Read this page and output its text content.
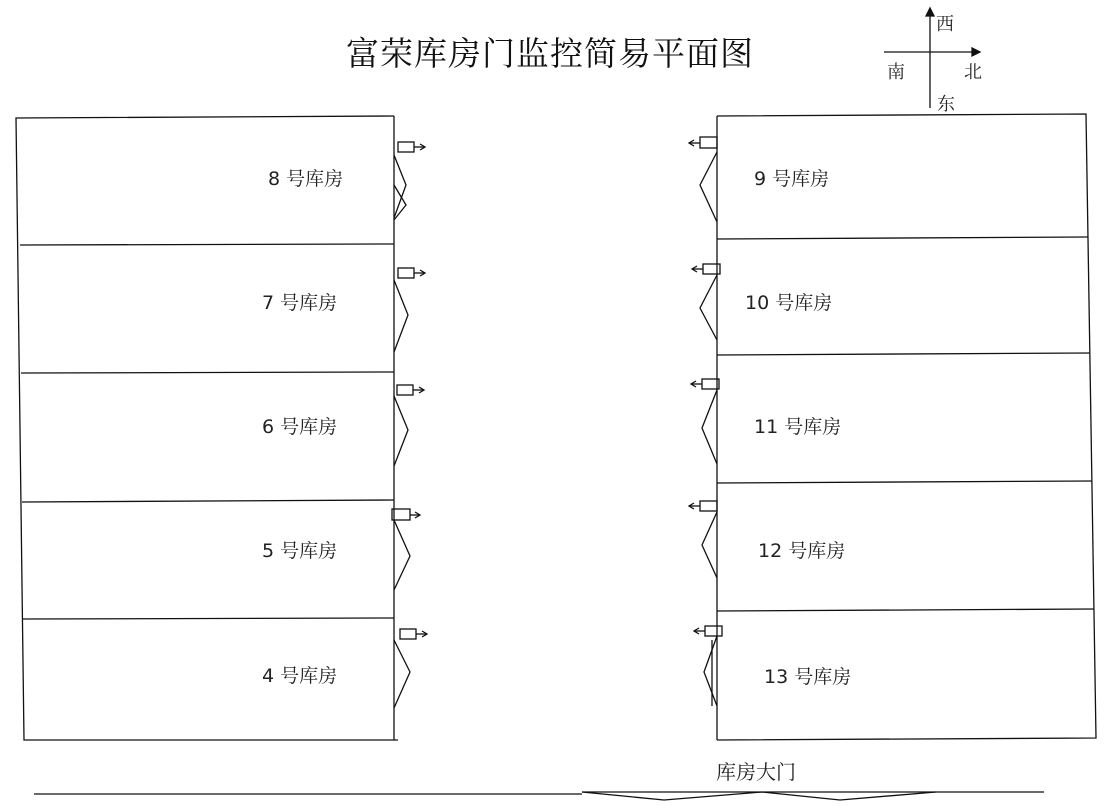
富荣库房门监控简易平面图
西
南	北
东
8 号库房
7 号库房
6 号库房
5 号库房
4 号库房
9 号库房
10 号库房
11 号库房
12 号库房
13 号库房
库房大门
